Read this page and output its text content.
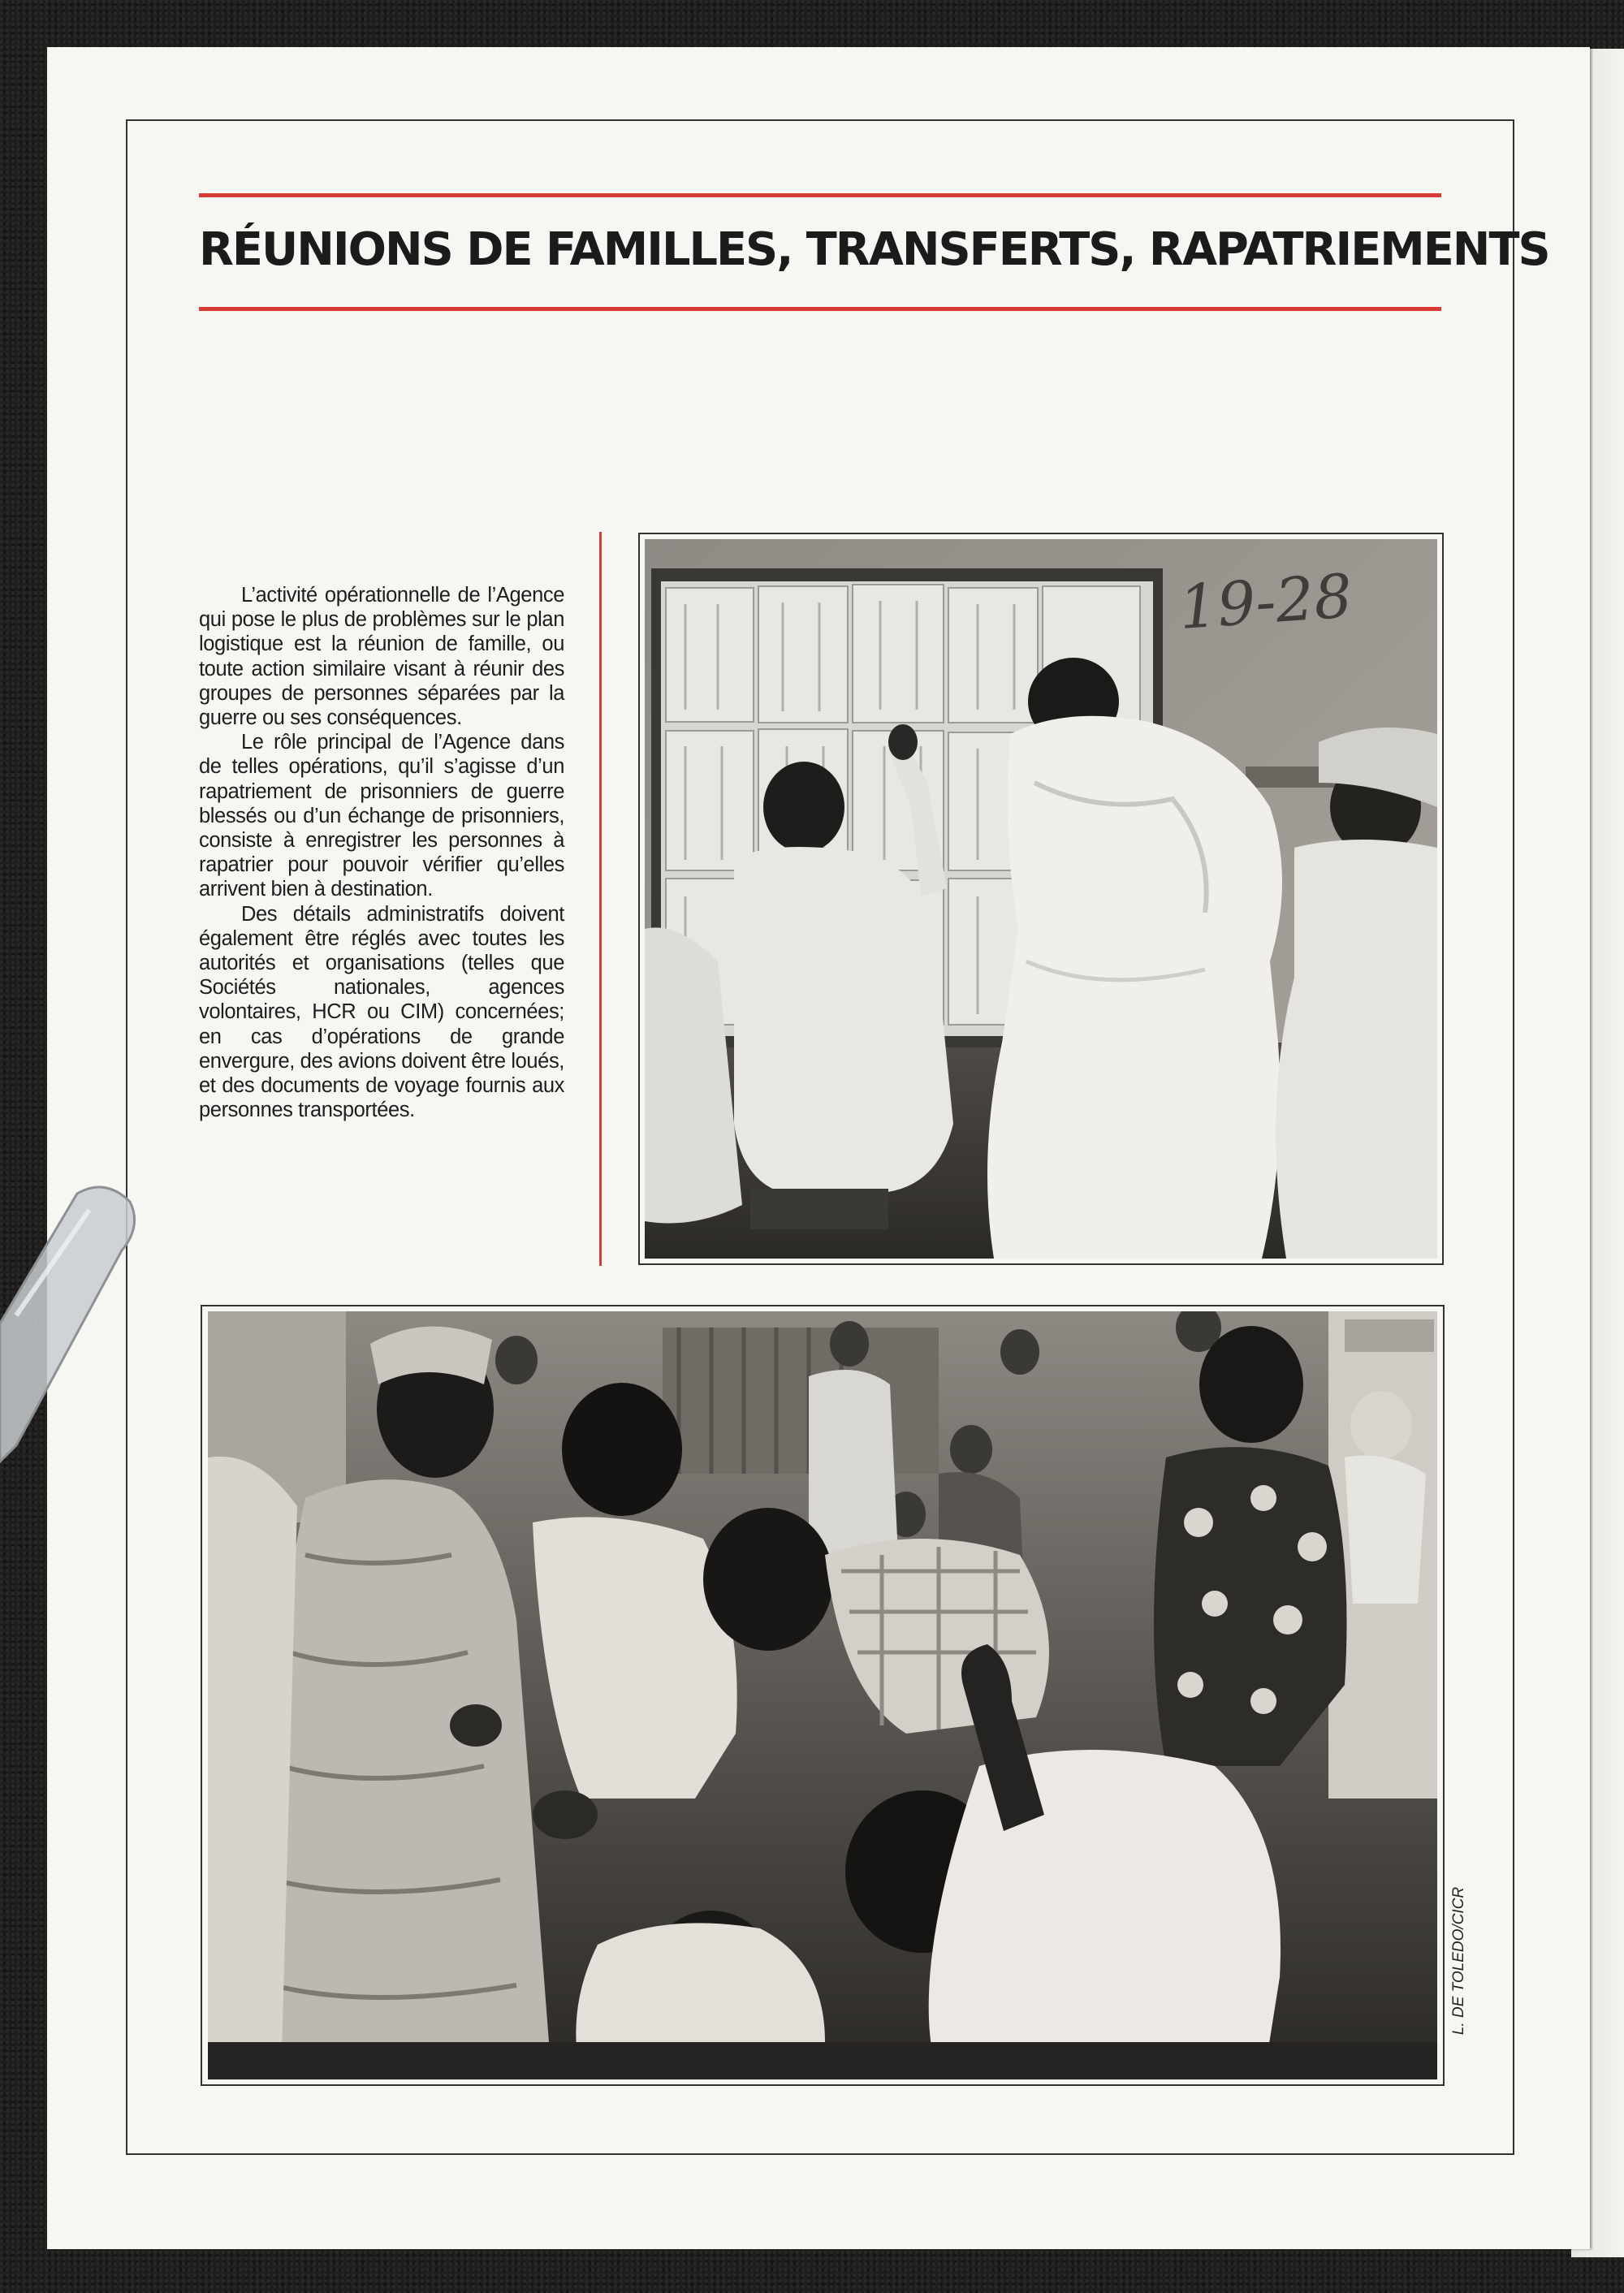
RÉUNIONS DE FAMILLES, TRANSFERTS, RAPATRIEMENTS

L’activité opérationnelle de l’Agence qui pose le plus de problèmes sur le plan logistique est la réunion de famille, ou toute action similaire visant à réunir des groupes de personnes séparées par la guerre ou ses conséquences.

Le rôle principal de l’Agence dans de telles opérations, qu’il s’agisse d’un rapatriement de prisonniers de guerre blessés ou d’un échange de prisonniers, consiste à enregistrer les personnes à rapatrier pour pouvoir vérifier qu’elles arrivent bien à destination.

Des détails administratifs doivent également être réglés avec toutes les autorités et organisations (telles que Sociétés nationales, agences volontaires, HCR ou CIM) concernées; en cas d’opérations de grande envergure, des avions doivent être loués, et des documents de voyage fournis aux personnes transportées.

19-28
L. DE TOLEDO/CICR
